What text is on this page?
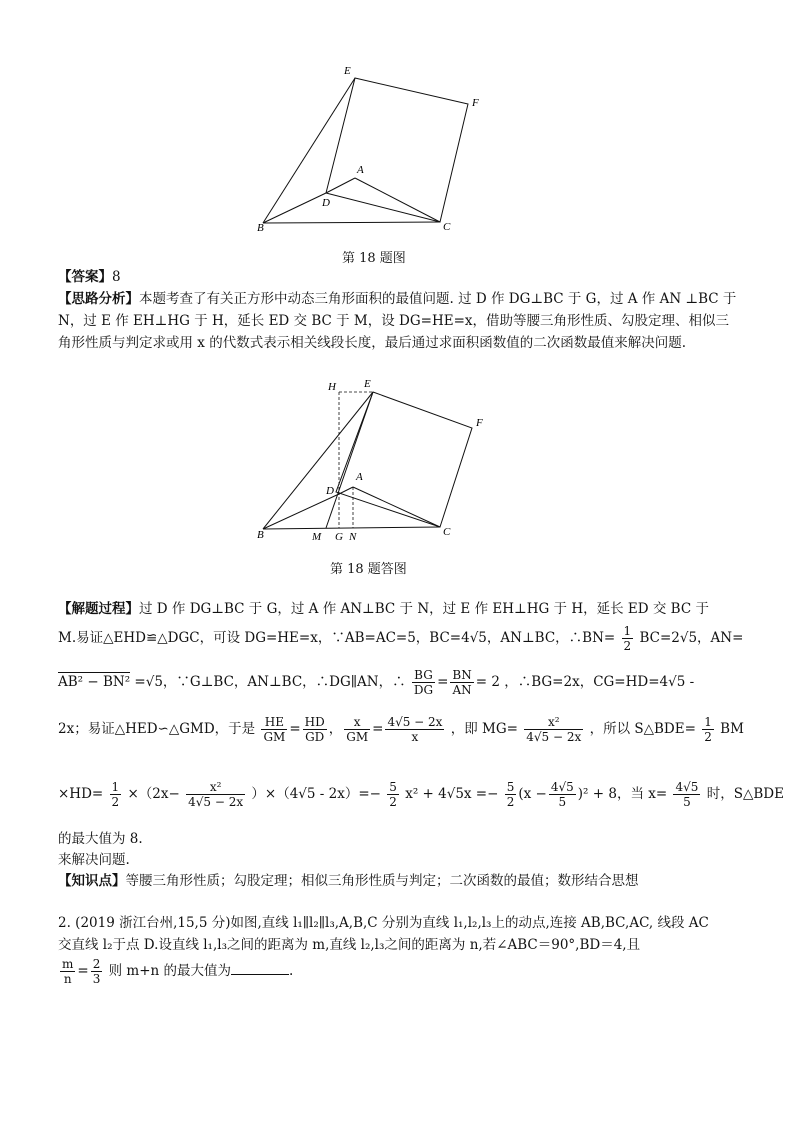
E
F
A
D
B	C
第 18 题图
【答案】8
【思路分析】本题考查了有关正方形中动态三角形面积的最值问题. 过 D 作 DG⊥BC 于 G，过 A 作 AN ⊥BC 于 N，过 E 作 EH⊥HG 于 H，延长 ED 交 BC 于 M，设 DG=HE=x，借助等腰三角形性质、勾股定理、相似三角形性质与判定求或用 x 的代数式表示相关线段长度，最后通过求面积函数值的二次函数最值来解决问题.
H	E
F
A
D
B	C
M G N
第 18 题答图
【解题过程】过 D 作 DG⊥BC 于 G，过 A 作 AN⊥BC 于 N，过 E 作 EH⊥HG 于 H，延长 ED 交 BC 于
M.易证△EHD≌△DGC，可设 DG=HE=x，∵AB=AC=5，BC=4√5，AN⊥BC，∴BN= $\frac{1}{2} BC=2√5$，AN=
AB² − BN² =√5，∵G⊥BC，AN⊥BC，∴DG∥AN，∴ $\frac{BG}{DG} = \frac{BN}{AN} = 2$ ，∴BG=2x，CG=HD=4√5 -
2x；易证△HED∽△GMD，于是 $\frac{HE}{GM} = \frac{HD}{GD}$ ， $\frac{x}{GM} = \frac{4√5 - 2x}{x}$ ，即 $MG= \frac{\text{x²}}{4√5 - 2x}$ ，所以 S△BDE= $\frac{1}{2}$ BM
$\times HD= \frac{1}{2} \times(2x- \frac{\text{x²}}{4√5 - 2x} )\times(4√5 - 2x)=- \frac{5}{2} x^2 + 4√5x =- \frac{5}{2} (x - \frac{4√5}{5} )^2 + 8$，当 $x= \frac{4√5}{5}$ 时，S△BDE
的最大值为 8.
来解决问题.
【知识点】等腰三角形性质；勾股定理；相似三角形性质与判定；二次函数的最值；数形结合思想
2. (2019 浙江台州,15,5 分)如图,直线 l₁∥l₂∥l₃,A,B,C 分别为直线 l₁,l₂,l₃上的动点,连接 AB,BC,AC, 线段 AC
交直线 l₂于点 D.设直线 l₁,l₃之间的距离为 m,直线 l₂,l₃之间的距离为 n,若∠ABC＝90°,BD＝4,且
$\frac{m}{n} = \frac{2}{3}$ 则 m+n 的最大值为	.
